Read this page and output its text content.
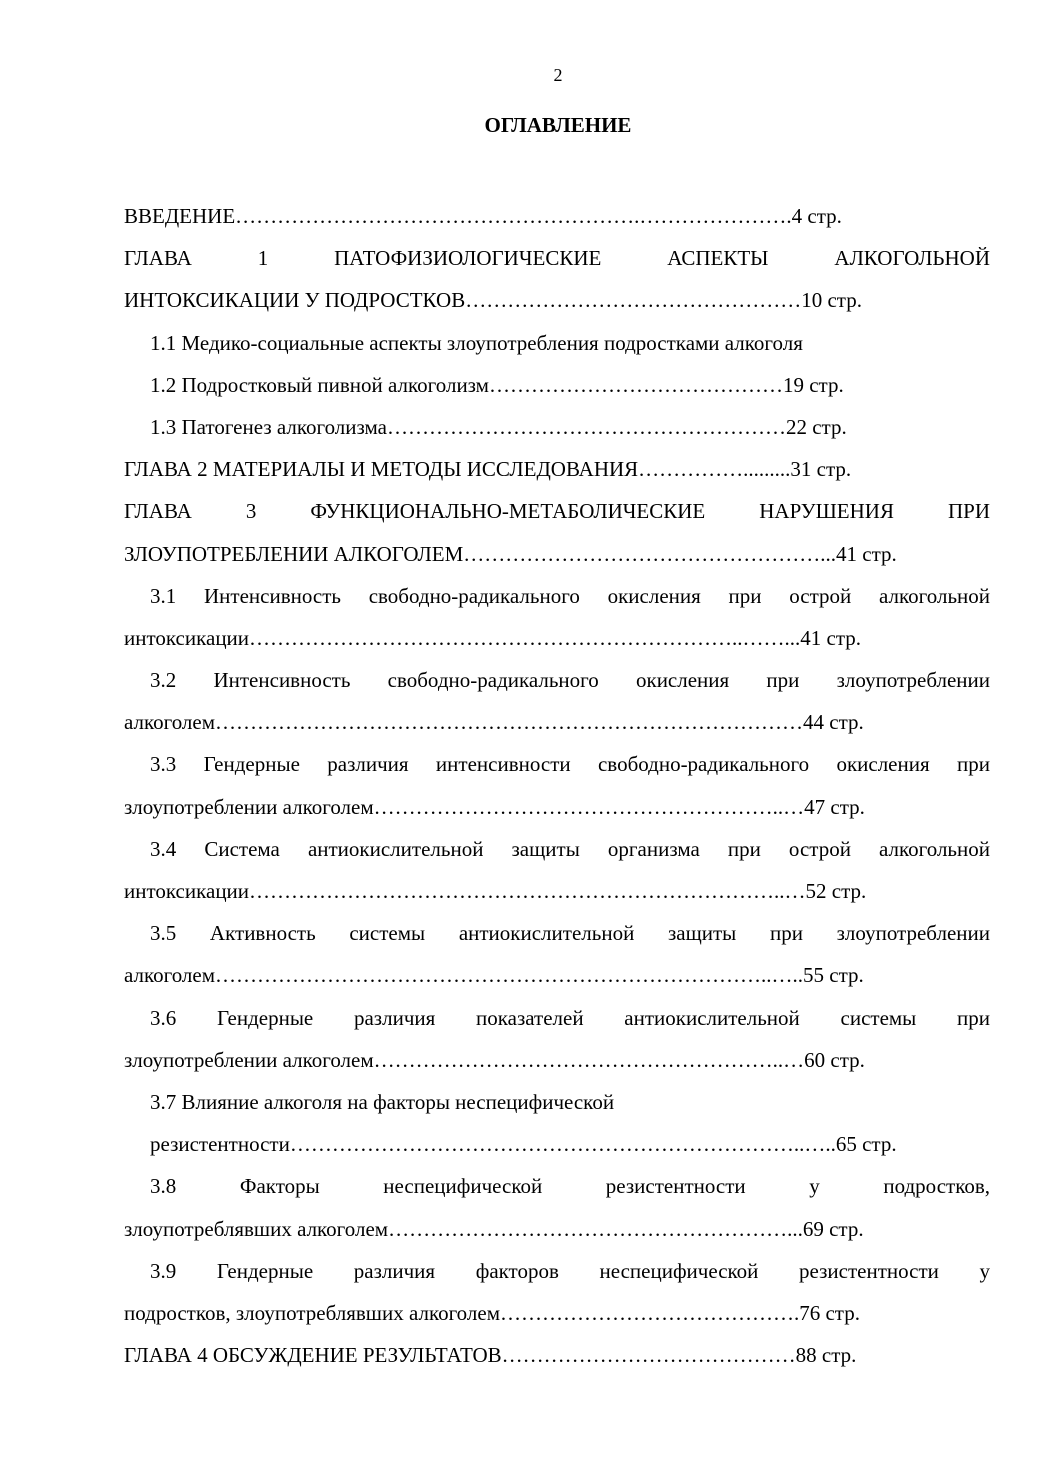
2
ОГЛАВЛЕНИЕ
ВВЕДЕНИЕ………………………………………………….………………….4 стр.
ГЛАВА 1 ПАТОФИЗИОЛОГИЧЕСКИЕ АСПЕКТЫ АЛКОГОЛЬНОЙ
ИНТОКСИКАЦИИ У ПОДРОСТКОВ…………………………………………10 стр.
1.1 Медико-социальные аспекты злоупотребления подростками алкоголя
1.2 Подростковый пивной алкоголизм……………………………………19 стр.
1.3 Патогенез алкоголизма…………………………………………………22 стр.
ГЛАВА 2 МАТЕРИАЛЫ И МЕТОДЫ ИССЛЕДОВАНИЯ…………….........31 стр.
ГЛАВА 3 ФУНКЦИОНАЛЬНО-МЕТАБОЛИЧЕСКИЕ НАРУШЕНИЯ ПРИ
ЗЛОУПОТРЕБЛЕНИИ АЛКОГОЛЕМ……………………………………………...41 стр.
3.1 Интенсивность свободно-радикального окисления при острой алкогольной
интоксикации……………………………………………………………..……...41 стр.
3.2 Интенсивность свободно-радикального окисления при злоупотреблении
алкоголем…………………………………………………………………………44 стр.
3.3 Гендерные различия интенсивности свободно-радикального окисления при
злоупотреблении алкоголем…………………………………………………..…47 стр.
3.4 Система антиокислительной защиты организма при острой алкогольной
интоксикации…………………………………………………………………..…52 стр.
3.5 Активность системы антиокислительной защиты при злоупотреблении
алкоголем……………………………………………………………………..…..55 стр.
3.6 Гендерные различия показателей антиокислительной системы при
злоупотреблении алкоголем…………………………………………………..…60 стр.
3.7 Влияние алкоголя на факторы неспецифической
резистентности………………………………………………………………..…..65 стр.
3.8 Факторы неспецифической резистентности у подростков,
злоупотреблявших алкоголем…………………………………………………...69 стр.
3.9 Гендерные различия факторов неспецифической резистентности у
подростков, злоупотреблявших алкоголем…………………………………….76 стр.
ГЛАВА 4 ОБСУЖДЕНИЕ РЕЗУЛЬТАТОВ……………………………………88 стр.
